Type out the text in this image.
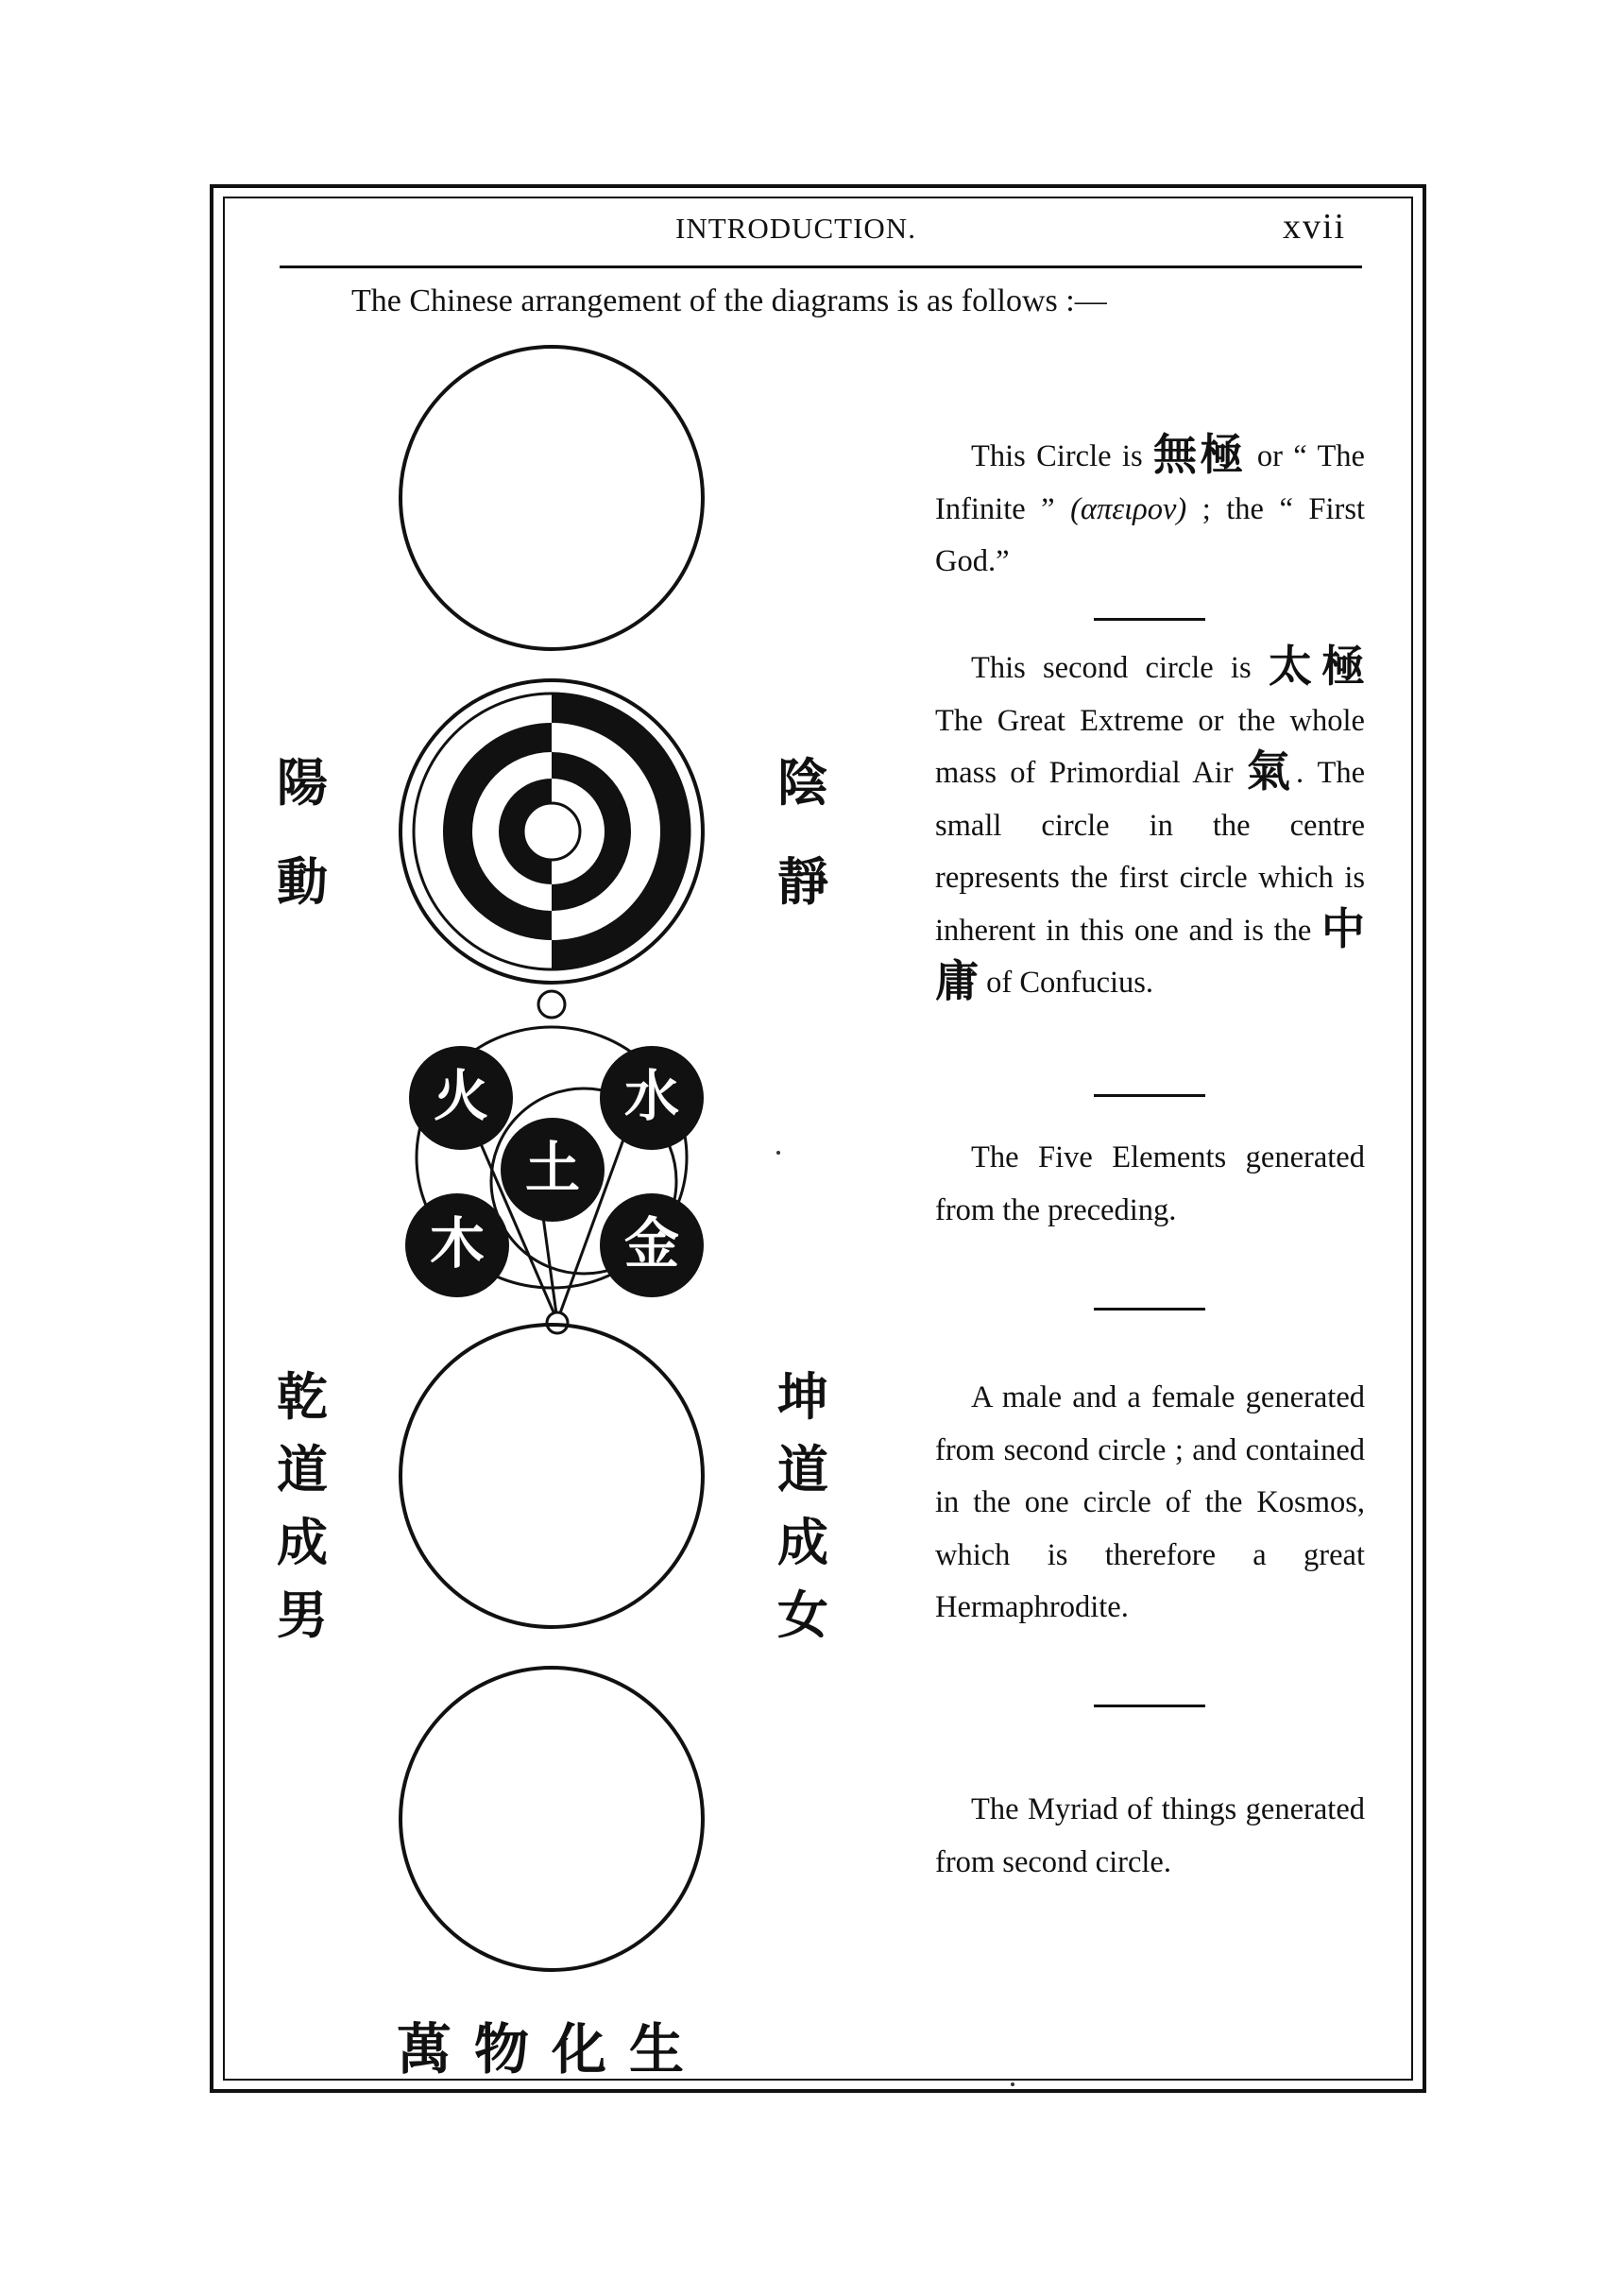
INTRODUCTION.	xvii
The Chinese arrangement of the diagrams is as follows :—
火 水
土
木	金
陽
動
陰
靜
乾
道
成
男
坤
道
成
女
萬物化生
This Circle is 無極 or “ The Infinite ” (απειρον) ; the “ First God.”
This second circle is 太極 The Great Extreme or the whole mass of Primordial Air 氣. The small circle in the centre represents the first circle which is inherent in this one and is the 中庸 of Confucius.
The Five Elements generated from the preceding.
A male and a female generated from second circle ; and contained in the one circle of the Kosmos, which is therefore a great Hermaphrodite.
The Myriad of things generated from second circle.
